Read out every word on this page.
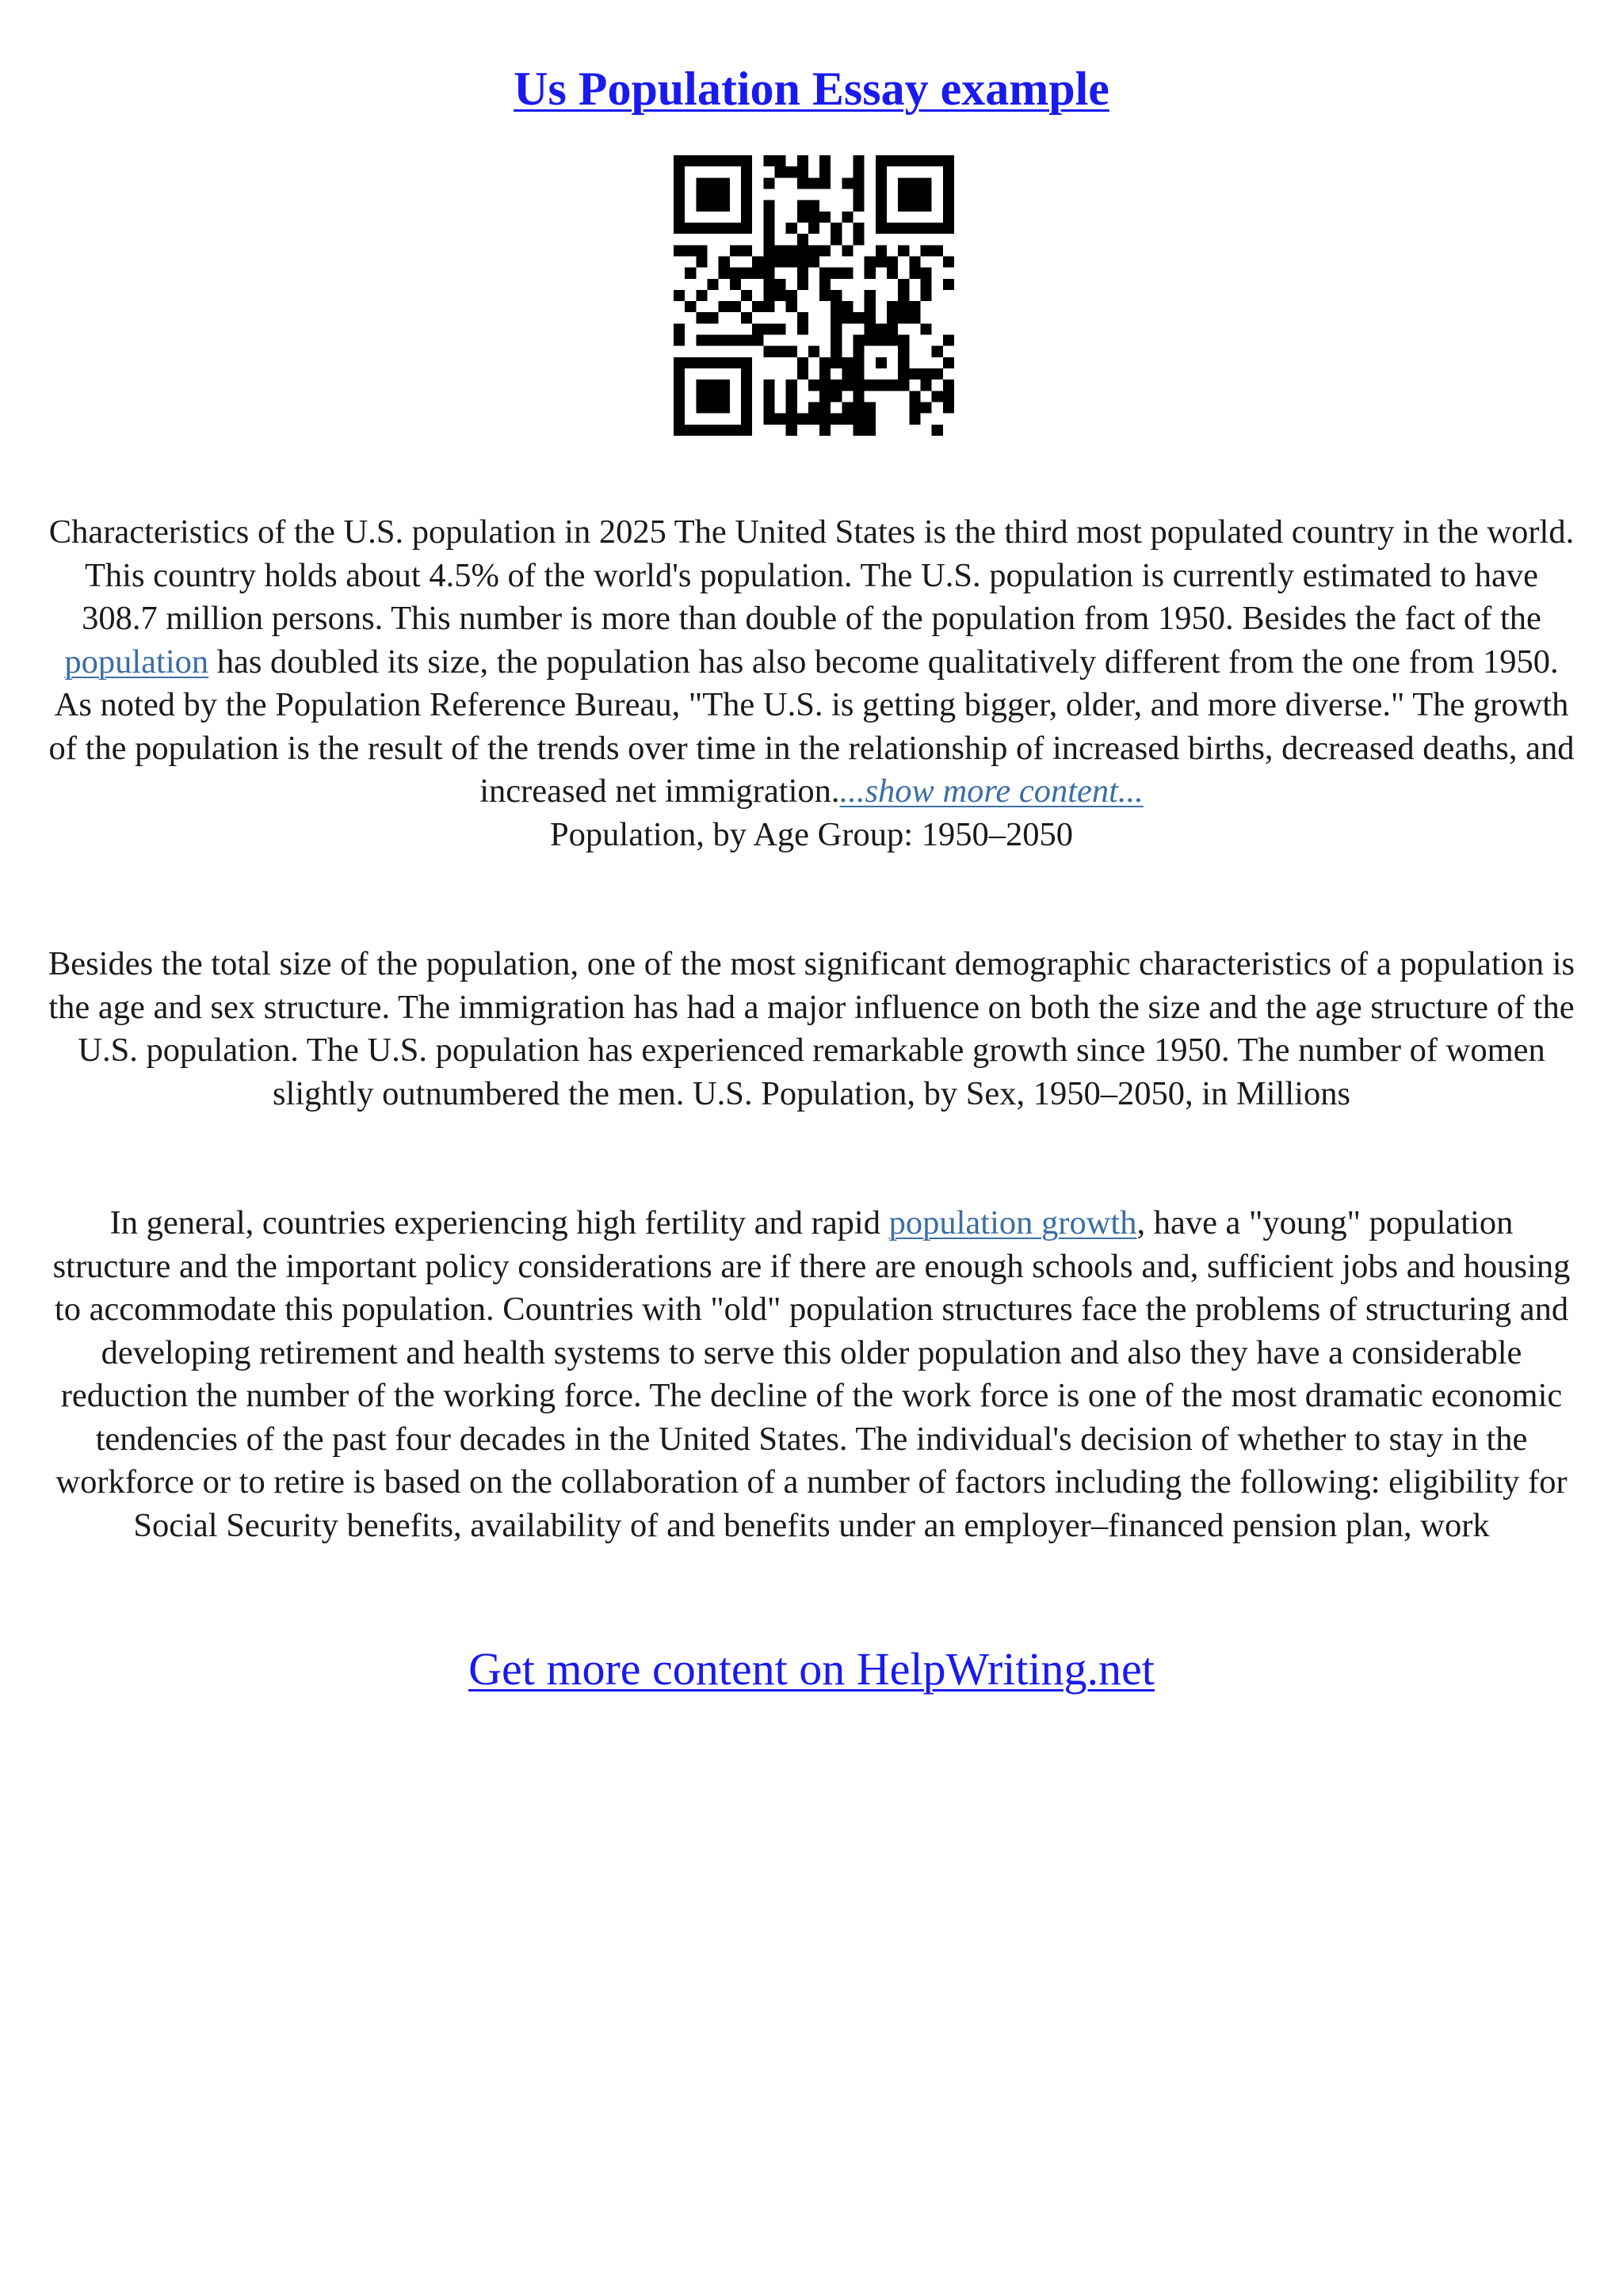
Us Population Essay example

Characteristics of the U.S. population in 2025 The United States is the third most populated country in the world. This country holds about 4.5% of the world's population. The U.S. population is currently estimated to have 308.7 million persons. This number is more than double of the population from 1950. Besides the fact of the population has doubled its size, the population has also become qualitatively different from the one from 1950. As noted by the Population Reference Bureau, "The U.S. is getting bigger, older, and more diverse." The growth of the population is the result of the trends over time in the relationship of increased births, decreased deaths, and increased net immigration....show more content...
Population, by Age Group: 1950–2050

Besides the total size of the population, one of the most significant demographic characteristics of a population is the age and sex structure. The immigration has had a major influence on both the size and the age structure of the U.S. population. The U.S. population has experienced remarkable growth since 1950. The number of women slightly outnumbered the men. U.S. Population, by Sex, 1950–2050, in Millions

In general, countries experiencing high fertility and rapid population growth, have a "young" population structure and the important policy considerations are if there are enough schools and, sufficient jobs and housing to accommodate this population. Countries with "old" population structures face the problems of structuring and developing retirement and health systems to serve this older population and also they have a considerable reduction the number of the working force. The decline of the work force is one of the most dramatic economic tendencies of the past four decades in the United States. The individual's decision of whether to stay in the workforce or to retire is based on the collaboration of a number of factors including the following: eligibility for Social Security benefits, availability of and benefits under an employer–financed pension plan, work

Get more content on HelpWriting.net
